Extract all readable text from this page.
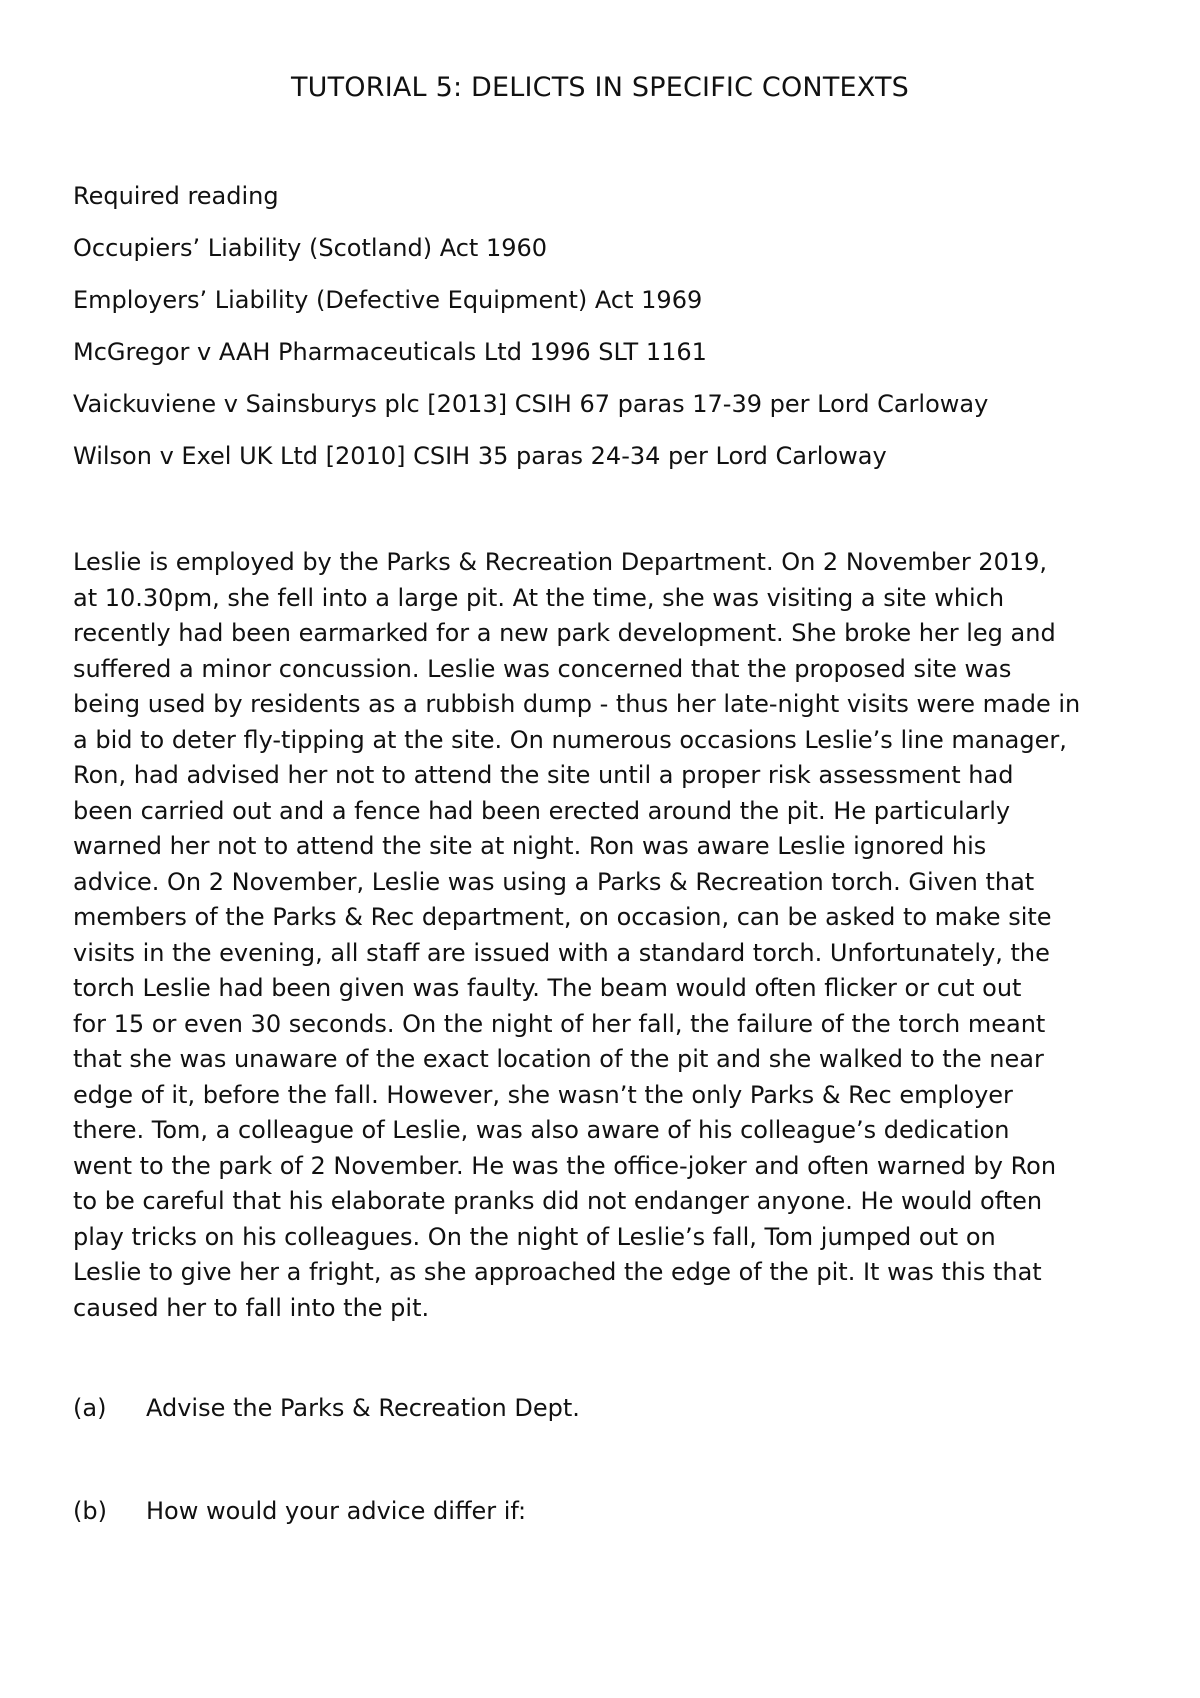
TUTORIAL 5: DELICTS IN SPECIFIC CONTEXTS
Required reading
Occupiers’ Liability (Scotland) Act 1960
Employers’ Liability (Defective Equipment) Act 1969
McGregor v AAH Pharmaceuticals Ltd 1996 SLT 1161
Vaickuviene v Sainsburys plc [2013] CSIH 67 paras 17-39 per Lord Carloway
Wilson v Exel UK Ltd [2010] CSIH 35 paras 24-34 per Lord Carloway

Leslie is employed by the Parks & Recreation Department. On 2 November 2019,
at 10.30pm, she fell into a large pit. At the time, she was visiting a site which
recently had been earmarked for a new park development. She broke her leg and
suffered a minor concussion. Leslie was concerned that the proposed site was
being used by residents as a rubbish dump - thus her late-night visits were made in
a bid to deter fly-tipping at the site. On numerous occasions Leslie’s line manager,
Ron, had advised her not to attend the site until a proper risk assessment had
been carried out and a fence had been erected around the pit. He particularly
warned her not to attend the site at night. Ron was aware Leslie ignored his
advice. On 2 November, Leslie was using a Parks & Recreation torch. Given that
members of the Parks & Rec department, on occasion, can be asked to make site
visits in the evening, all staff are issued with a standard torch. Unfortunately, the
torch Leslie had been given was faulty. The beam would often flicker or cut out
for 15 or even 30 seconds. On the night of her fall, the failure of the torch meant
that she was unaware of the exact location of the pit and she walked to the near
edge of it, before the fall. However, she wasn’t the only Parks & Rec employer
there. Tom, a colleague of Leslie, was also aware of his colleague’s dedication
went to the park of 2 November. He was the office-joker and often warned by Ron
to be careful that his elaborate pranks did not endanger anyone. He would often
play tricks on his colleagues. On the night of Leslie’s fall, Tom jumped out on
Leslie to give her a fright, as she approached the edge of the pit. It was this that
caused her to fall into the pit.

(a) Advise the Parks & Recreation Dept.
(b) How would your advice differ if:
